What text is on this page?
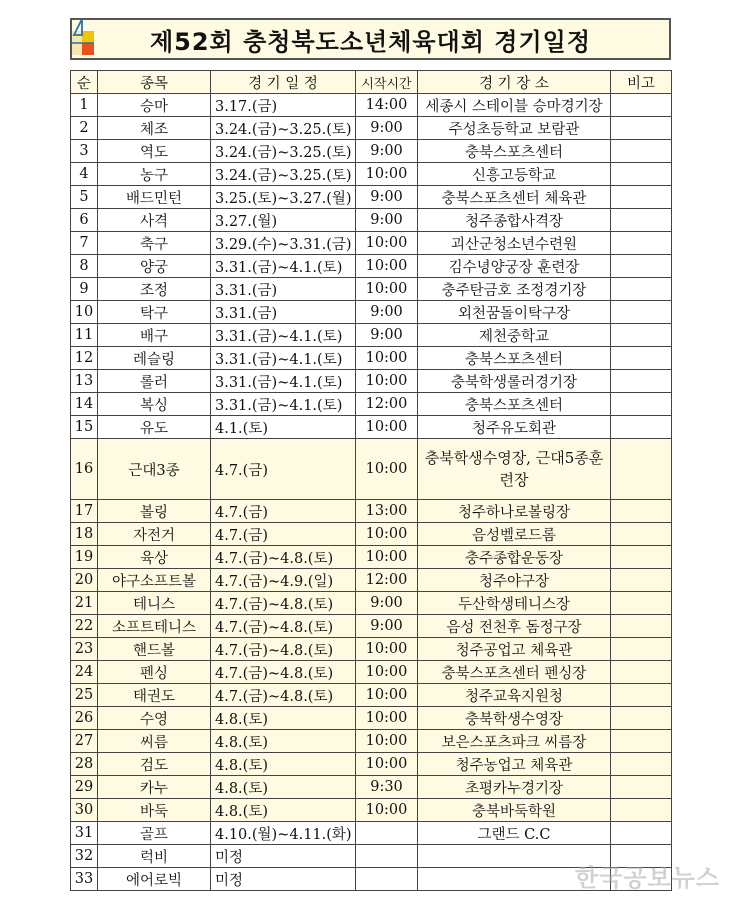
제52회 충청북도소년체육대회 경기일정
순	종목	경 기 일 정	시작시간	경 기 장 소	비고
1	승마	3.17.(금)	14:00	세종시 스테이블 승마경기장	
2	체조	3.24.(금)~3.25.(토)	9:00	주성초등학교 보람관	
3	역도	3.24.(금)~3.25.(토)	9:00	충북스포츠센터	
4	농구	3.24.(금)~3.25.(토)	10:00	신흥고등학교	
5	배드민턴	3.25.(토)~3.27.(월)	9:00	충북스포츠센터 체육관	
6	사격	3.27.(월)	9:00	청주종합사격장	
7	축구	3.29.(수)~3.31.(금)	10:00	괴산군청소년수련원	
8	양궁	3.31.(금)~4.1.(토)	10:00	김수녕양궁장 훈련장	
9	조정	3.31.(금)	10:00	충주탄금호 조정경기장	
10	탁구	3.31.(금)	9:00	외천꿈돌이탁구장	
11	배구	3.31.(금)~4.1.(토)	9:00	제천중학교	
12	레슬링	3.31.(금)~4.1.(토)	10:00	충북스포츠센터	
13	롤러	3.31.(금)~4.1.(토)	10:00	충북학생롤러경기장	
14	복싱	3.31.(금)~4.1.(토)	12:00	충북스포츠센터	
15	유도	4.1.(토)	10:00	청주유도회관	
16	근대3종	4.7.(금)	10:00	충북학생수영장, 근대5종훈련장	
17	볼링	4.7.(금)	13:00	청주하나로볼링장	
18	자전거	4.7.(금)	10:00	음성벨로드롬	
19	육상	4.7.(금)~4.8.(토)	10:00	충주종합운동장	
20	야구소프트볼	4.7.(금)~4.9.(일)	12:00	청주야구장	
21	테니스	4.7.(금)~4.8.(토)	9:00	두산학생테니스장	
22	소프트테니스	4.7.(금)~4.8.(토)	9:00	음성 전천후 돔정구장	
23	핸드볼	4.7.(금)~4.8.(토)	10:00	청주공업고 체육관	
24	펜싱	4.7.(금)~4.8.(토)	10:00	충북스포츠센터 펜싱장	
25	태권도	4.7.(금)~4.8.(토)	10:00	청주교육지원청	
26	수영	4.8.(토)	10:00	충북학생수영장	
27	씨름	4.8.(토)	10:00	보은스포츠파크 씨름장	
28	검도	4.8.(토)	10:00	청주농업고 체육관	
29	카누	4.8.(토)	9:30	초평카누경기장	
30	바둑	4.8.(토)	10:00	충북바둑학원	
31	골프	4.10.(월)~4.11.(화)		그랜드 C.C	
32	럭비	미정			
33	에어로빅	미정				한국공보뉴스
